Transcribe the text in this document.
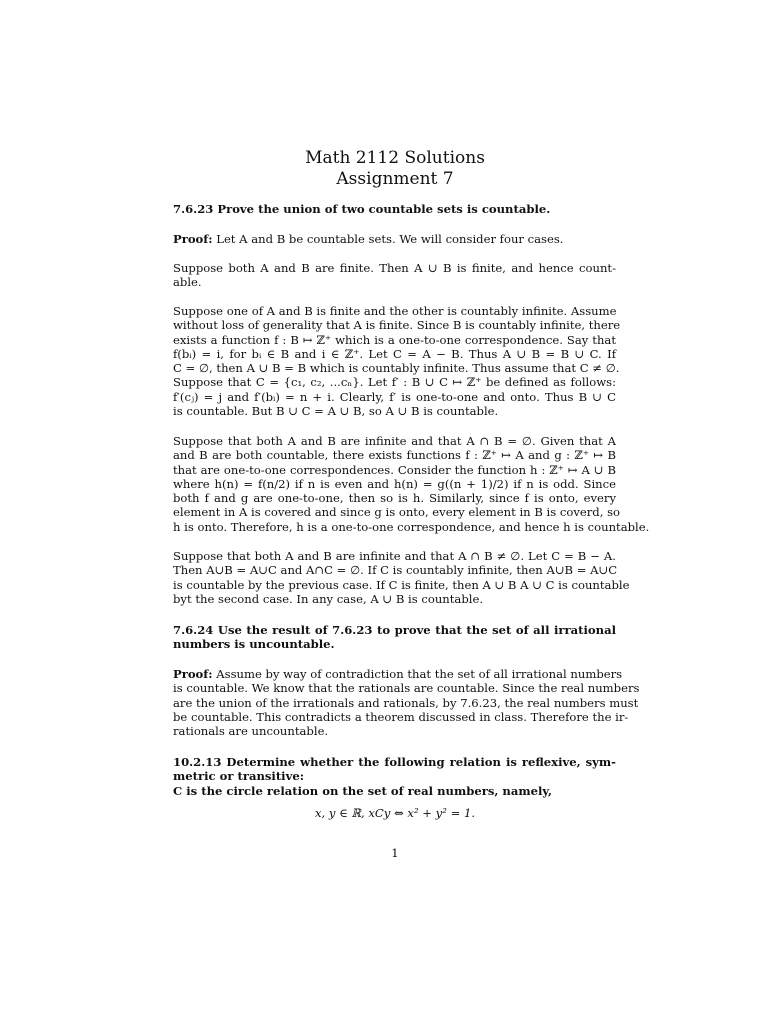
Math 2112 Solutions
Assignment 7
7.6.23 Prove the union of two countable sets is countable.
Proof: Let A and B be countable sets. We will consider four cases.
Suppose both A and B are finite. Then A ∪ B is finite, and hence count-
able.
Suppose one of A and B is finite and the other is countably infinite. Assume
without loss of generality that A is finite. Since B is countably infinite, there
exists a function f : B ↦ ℤ⁺ which is a one-to-one correspondence. Say that
f(bᵢ) = i, for bᵢ ∈ B and i ∈ ℤ⁺. Let C = A − B. Thus A ∪ B = B ∪ C. If
C = ∅, then A ∪ B = B which is countably infinite. Thus assume that C ≠ ∅.
Suppose that C = {c₁, c₂, ...cₙ}. Let f′ : B ∪ C ↦ ℤ⁺ be defined as follows:
f′(cⱼ) = j and f′(bᵢ) = n + i. Clearly, f′ is one-to-one and onto. Thus B ∪ C
is countable. But B ∪ C = A ∪ B, so A ∪ B is countable.
Suppose that both A and B are infinite and that A ∩ B = ∅. Given that A
and B are both countable, there exists functions f : ℤ⁺ ↦ A and g : ℤ⁺ ↦ B
that are one-to-one correspondences. Consider the function h : ℤ⁺ ↦ A ∪ B
where h(n) = f(n/2) if n is even and h(n) = g((n + 1)/2) if n is odd. Since
both f and g are one-to-one, then so is h. Similarly, since f is onto, every
element in A is covered and since g is onto, every element in B is coverd, so
h is onto. Therefore, h is a one-to-one correspondence, and hence h is countable.
Suppose that both A and B are infinite and that A ∩ B ≠ ∅. Let C = B − A.
Then A∪B = A∪C and A∩C = ∅. If C is countably infinite, then A∪B = A∪C
is countable by the previous case. If C is finite, then A ∪ B A ∪ C is countable
byt the second case. In any case, A ∪ B is countable.
7.6.24 Use the result of 7.6.23 to prove that the set of all irrational
numbers is uncountable.
Proof: Assume by way of contradiction that the set of all irrational numbers
is countable. We know that the rationals are countable. Since the real numbers
are the union of the irrationals and rationals, by 7.6.23, the real numbers must
be countable. This contradicts a theorem discussed in class. Therefore the ir-
rationals are uncountable.
10.2.13 Determine whether the following relation is reflexive, sym-
metric or transitive:
C is the circle relation on the set of real numbers, namely,
x, y ∈ ℝ, xCy ⇔ x² + y² = 1.
1
